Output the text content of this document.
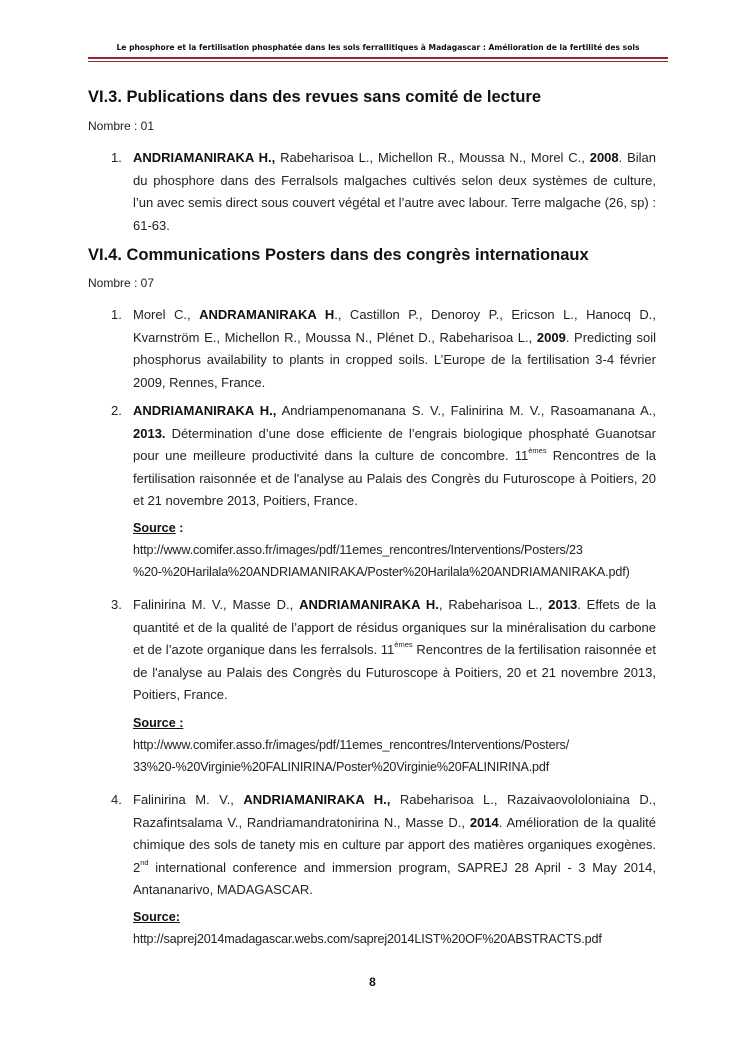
Le phosphore et la fertilisation phosphatée dans les sols ferrallitiques à Madagascar : Amélioration de la fertilité des sols
VI.3. Publications dans des revues sans comité de lecture
Nombre : 01
1. ANDRIAMANIRAKA H., Rabeharisoa L., Michellon R., Moussa N., Morel C., 2008. Bilan du phosphore dans des Ferralsols malgaches cultivés selon deux systèmes de culture, l’un avec semis direct sous couvert végétal et l’autre avec labour. Terre malgache (26, sp) : 61-63.
VI.4. Communications Posters dans des congrès internationaux
Nombre : 07
1. Morel C., ANDRAMANIRAKA H., Castillon P., Denoroy P., Ericson L., Hanocq D., Kvarnström E., Michellon R., Moussa N., Plénet D., Rabeharisoa L., 2009. Predicting soil phosphorus availability to plants in cropped soils. L’Europe de la fertilisation 3-4 février 2009, Rennes, France.
2. ANDRIAMANIRAKA H., Andriampenomanana S. V., Falinirina M. V., Rasoamanana A., 2013. Détermination d’une dose efficiente de l’engrais biologique phosphaté Guanotsar pour une meilleure productivité dans la culture de concombre. 11èmes Rencontres de la fertilisation raisonnée et de l'analyse au Palais des Congrès du Futuroscope à Poitiers, 20 et 21 novembre 2013, Poitiers, France.
Source :
http://www.comifer.asso.fr/images/pdf/11emes_rencontres/Interventions/Posters/23
%20-%20Harilala%20ANDRIAMANIRAKA/Poster%20Harilala%20ANDRIAMANIRAKA.pdf)
3. Falinirina M. V., Masse D., ANDRIAMANIRAKA H., Rabeharisoa L., 2013. Effets de la quantité et de la qualité de l’apport de résidus organiques sur la minéralisation du carbone et de l’azote organique dans les ferralsols. 11èmes Rencontres de la fertilisation raisonnée et de l'analyse au Palais des Congrès du Futuroscope à Poitiers, 20 et 21 novembre 2013, Poitiers, France.
Source :
http://www.comifer.asso.fr/images/pdf/11emes_rencontres/Interventions/Posters/
33%20-%20Virginie%20FALINIRINA/Poster%20Virginie%20FALINIRINA.pdf
4. Falinirina M. V., ANDRIAMANIRAKA H., Rabeharisoa L., Razaivaovololoniaina D., Razafintsalama V., Randriamandratonirina N., Masse D., 2014. Amélioration de la qualité chimique des sols de tanety mis en culture par apport des matières organiques exogènes. 2nd international conference and immersion program, SAPREJ 28 April - 3 May 2014, Antananarivo, MADAGASCAR.
Source:
http://saprej2014madagascar.webs.com/saprej2014LIST%20OF%20ABSTRACTS.pdf
8
